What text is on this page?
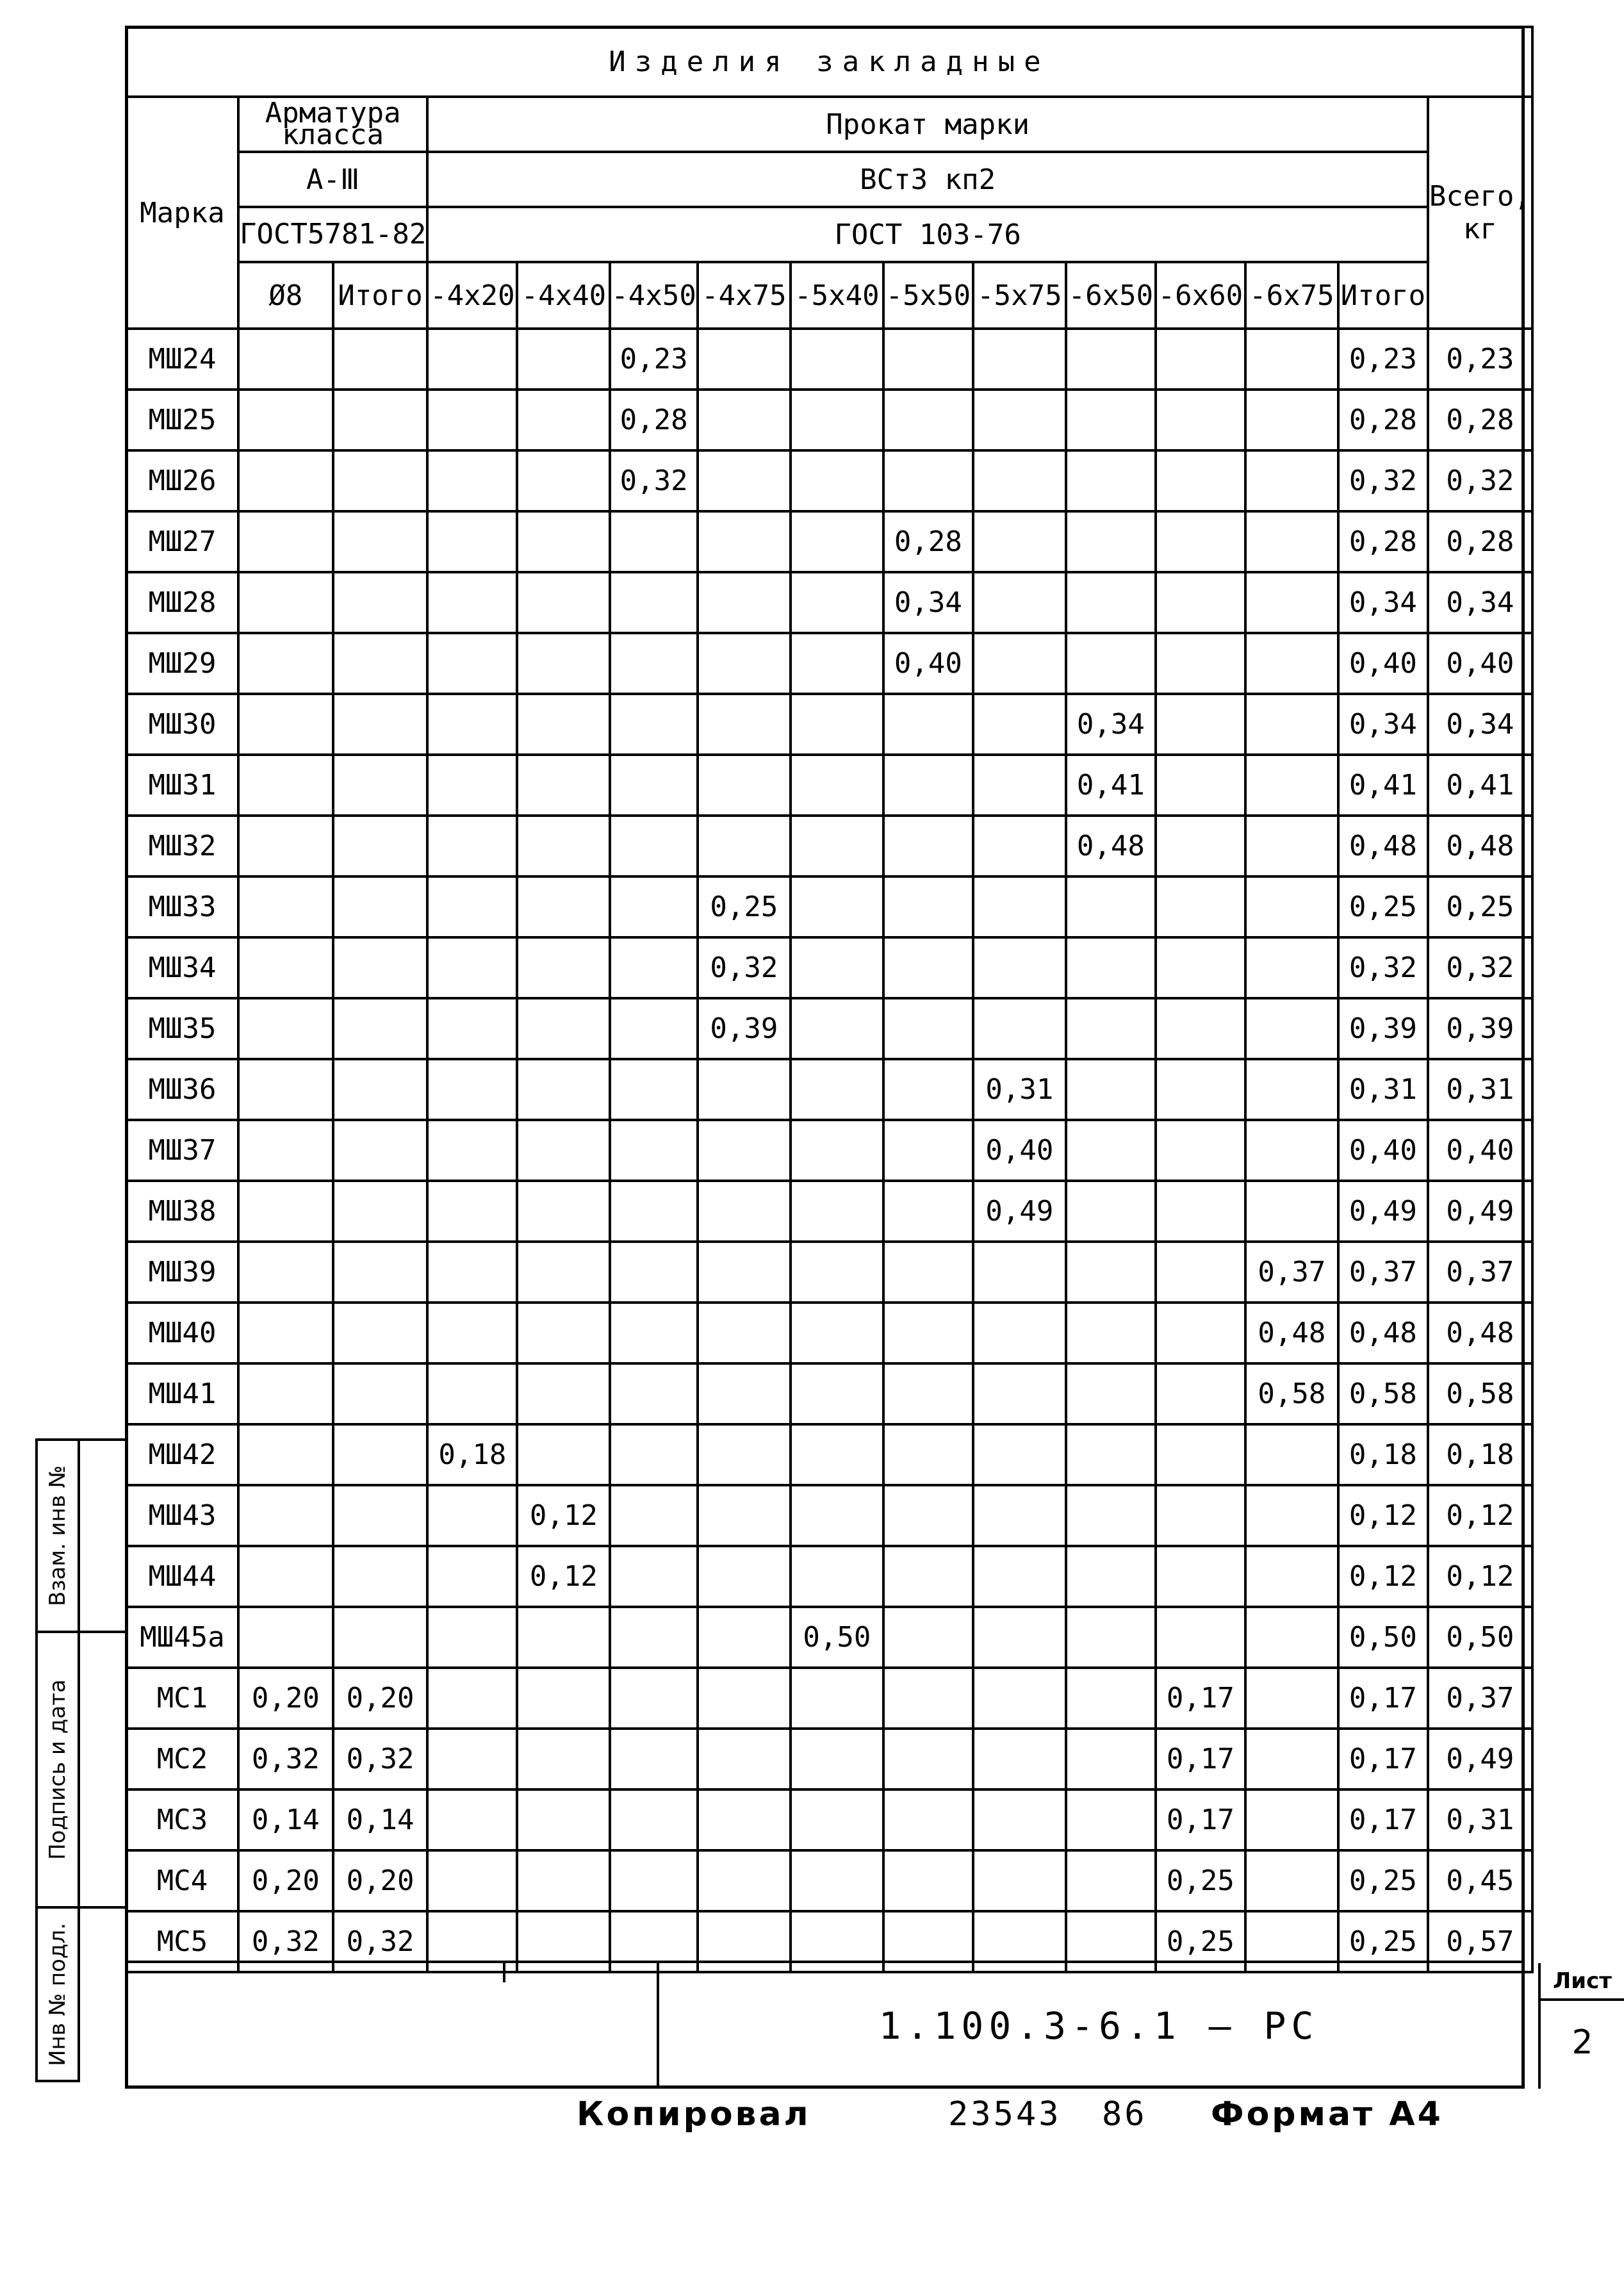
Изделия закладные														
Марка	Арматура класса		Прокат марки											Всего, кг
	А-Ⅲ		ВСт3 кп2											
	ГОСТ5781-82		ГОСТ 103-76											
	Ø8	Итого	-4x20	-4x40	-4x50	-4x75	-5x40	-5x50	-5x75	-6x50	-6x60	-6x75	Итого	
МШ24					0,23								0,23	0,23
МШ25					0,28								0,28	0,28
МШ26					0,32								0,32	0,32
МШ27								0,28					0,28	0,28
МШ28								0,34					0,34	0,34
МШ29								0,40					0,40	0,40
МШ30										0,34			0,34	0,34
МШ31										0,41			0,41	0,41
МШ32										0,48			0,48	0,48
МШ33						0,25							0,25	0,25
МШ34						0,32							0,32	0,32
МШ35						0,39							0,39	0,39
МШ36									0,31				0,31	0,31
МШ37									0,40				0,40	0,40
МШ38									0,49				0,49	0,49
МШ39												0,37	0,37	0,37
МШ40												0,48	0,48	0,48
МШ41												0,58	0,58	0,58
МШ42			0,18										0,18	0,18
МШ43				0,12									0,12	0,12
МШ44				0,12									0,12	0,12
МШ45а							0,50						0,50	0,50
МС1	0,20	0,20									0,17		0,17	0,37
МС2	0,32	0,32									0,17		0,17	0,49
МС3	0,14	0,14									0,17		0,17	0,31
МС4	0,20	0,20									0,25		0,25	0,45
МС5	0,32	0,32									0,25		0,25	0,57
Взам. инв №
Подпись и дата
Инв № подл.	1.100.3-6.1 — РС
Лист
2
Копировал	23543 86 Формат А4
